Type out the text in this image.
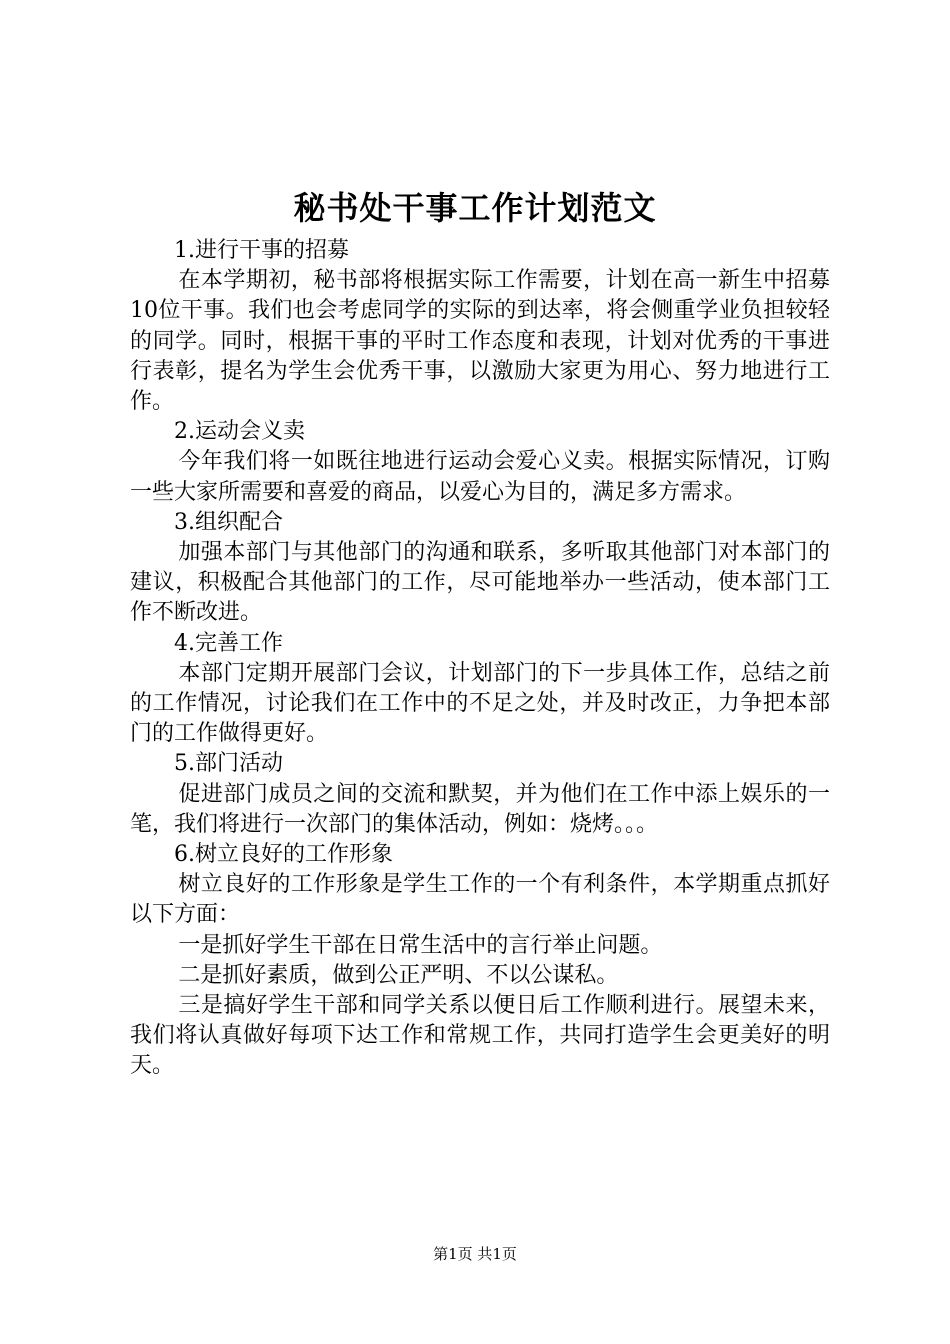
秘书处干事工作计划范文

1.进行干事的招募

在本学期初，秘书部将根据实际工作需要，计划在高一新生中招募10位干事。我们也会考虑同学的实际的到达率，将会侧重学业负担较轻的同学。同时，根据干事的平时工作态度和表现，计划对优秀的干事进行表彰，提名为学生会优秀干事，以激励大家更为用心、努力地进行工作。

2.运动会义卖

今年我们将一如既往地进行运动会爱心义卖。根据实际情况，订购一些大家所需要和喜爱的商品，以爱心为目的，满足多方需求。

3.组织配合

加强本部门与其他部门的沟通和联系，多听取其他部门对本部门的建议，积极配合其他部门的工作，尽可能地举办一些活动，使本部门工作不断改进。

4.完善工作

本部门定期开展部门会议，计划部门的下一步具体工作，总结之前的工作情况，讨论我们在工作中的不足之处，并及时改正，力争把本部门的工作做得更好。

5.部门活动

促进部门成员之间的交流和默契，并为他们在工作中添上娱乐的一笔，我们将进行一次部门的集体活动，例如：烧烤。。。

6.树立良好的工作形象

树立良好的工作形象是学生工作的一个有利条件，本学期重点抓好以下方面：

一是抓好学生干部在日常生活中的言行举止问题。

二是抓好素质，做到公正严明、不以公谋私。

三是搞好学生干部和同学关系以便日后工作顺利进行。展望未来，我们将认真做好每项下达工作和常规工作，共同打造学生会更美好的明天。

第1页 共1页
